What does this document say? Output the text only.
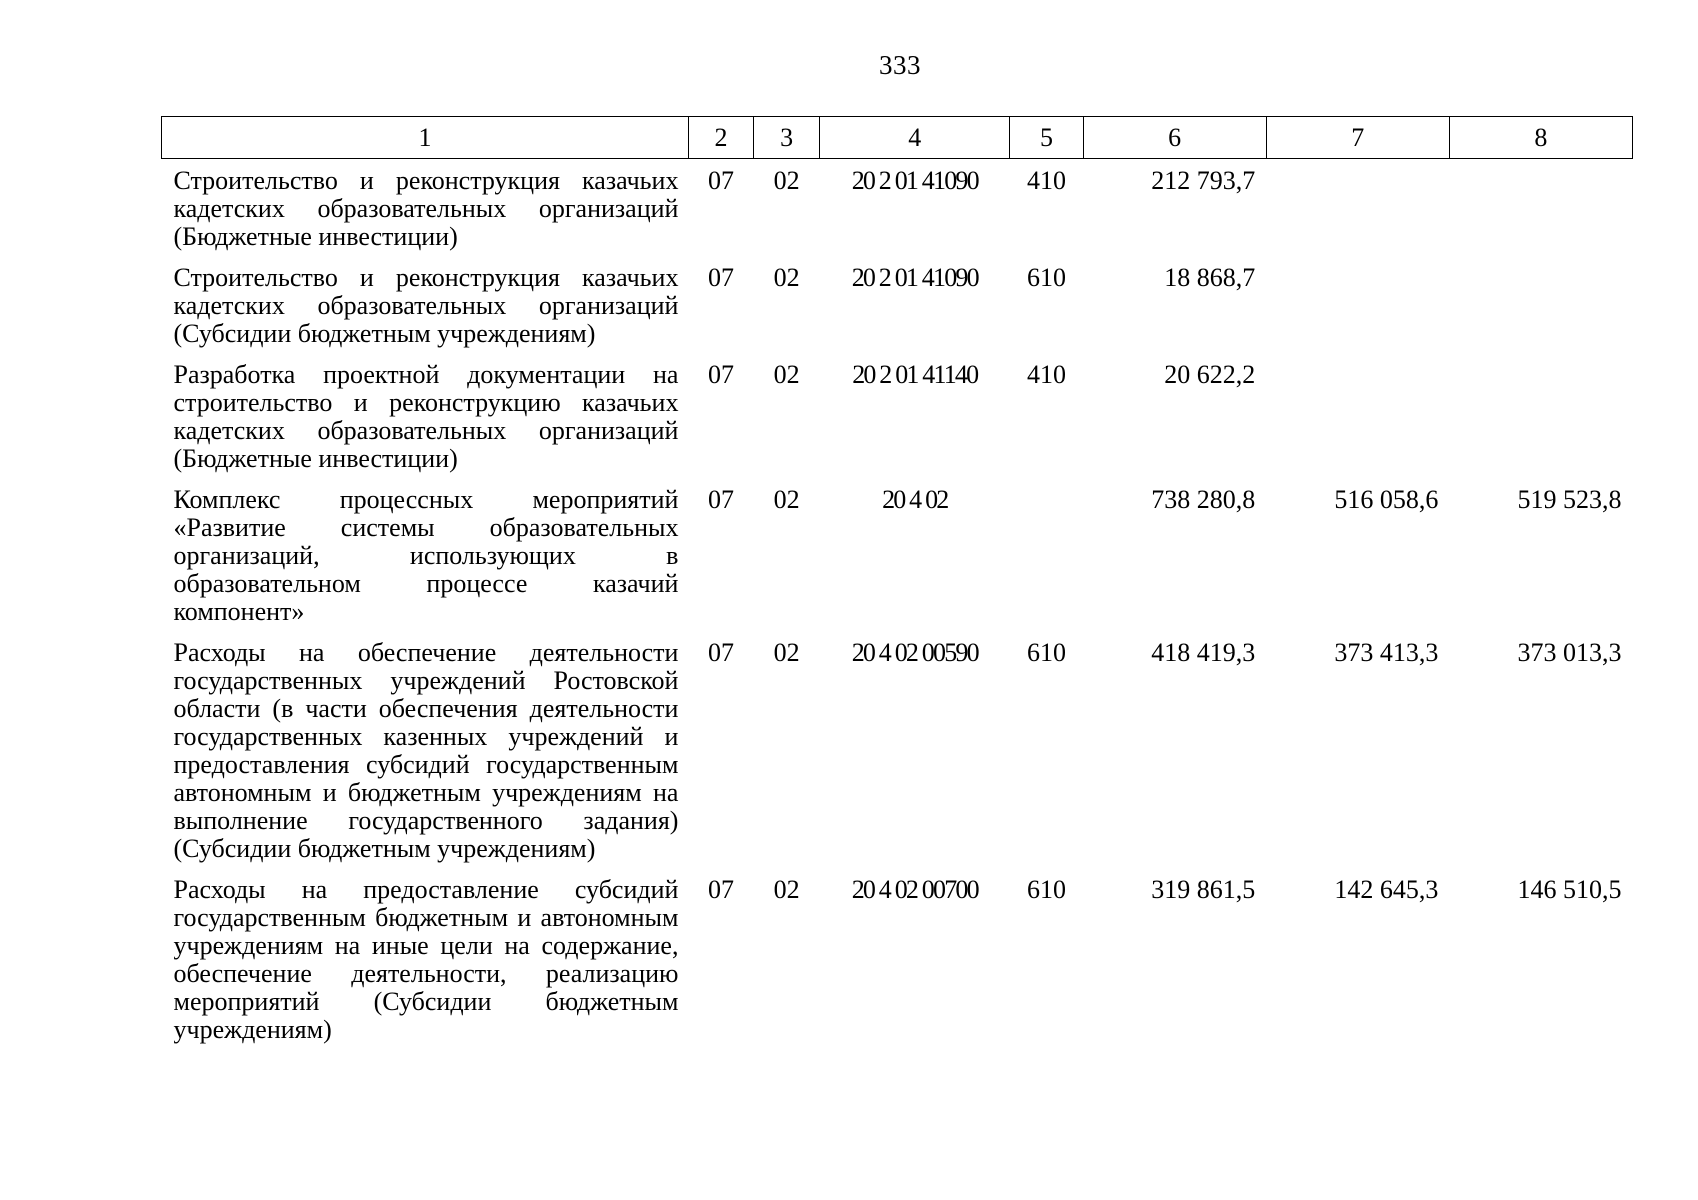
333
1	2	3	4	5	6	7	8
Строительство и реконструкция казачьих кадетских образовательных организаций (Бюджетные инвестиции)	07	02	20 2 01 41090	410	212 793,7		
Строительство и реконструкция казачьих кадетских образовательных организаций (Субсидии бюджетным учреждениям)	07	02	20 2 01 41090	610	18 868,7		
Разработка проектной документации на строительство и реконструкцию казачьих кадетских образовательных организаций (Бюджетные инвестиции)	07	02	20 2 01 41140	410	20 622,2		
Комплекс процессных мероприятий «Развитие системы образовательных организаций, использующих в образовательном процессе казачий компонент»	07	02	20 4 02		738 280,8	516 058,6	519 523,8
Расходы на обеспечение деятельности государственных учреждений Ростовской области (в части обеспечения деятельности государственных казенных учреждений и предоставления субсидий государственным автономным и бюджетным учреждениям на выполнение государственного задания) (Субсидии бюджетным учреждениям)	07	02	20 4 02 00590	610	418 419,3	373 413,3	373 013,3
Расходы на предоставление субсидий государственным бюджетным и автономным учреждениям на иные цели на содержание, обеспечение деятельности, реализацию мероприятий (Субсидии бюджетным учреждениям)	07	02	20 4 02 00700	610	319 861,5	142 645,3	146 510,5
